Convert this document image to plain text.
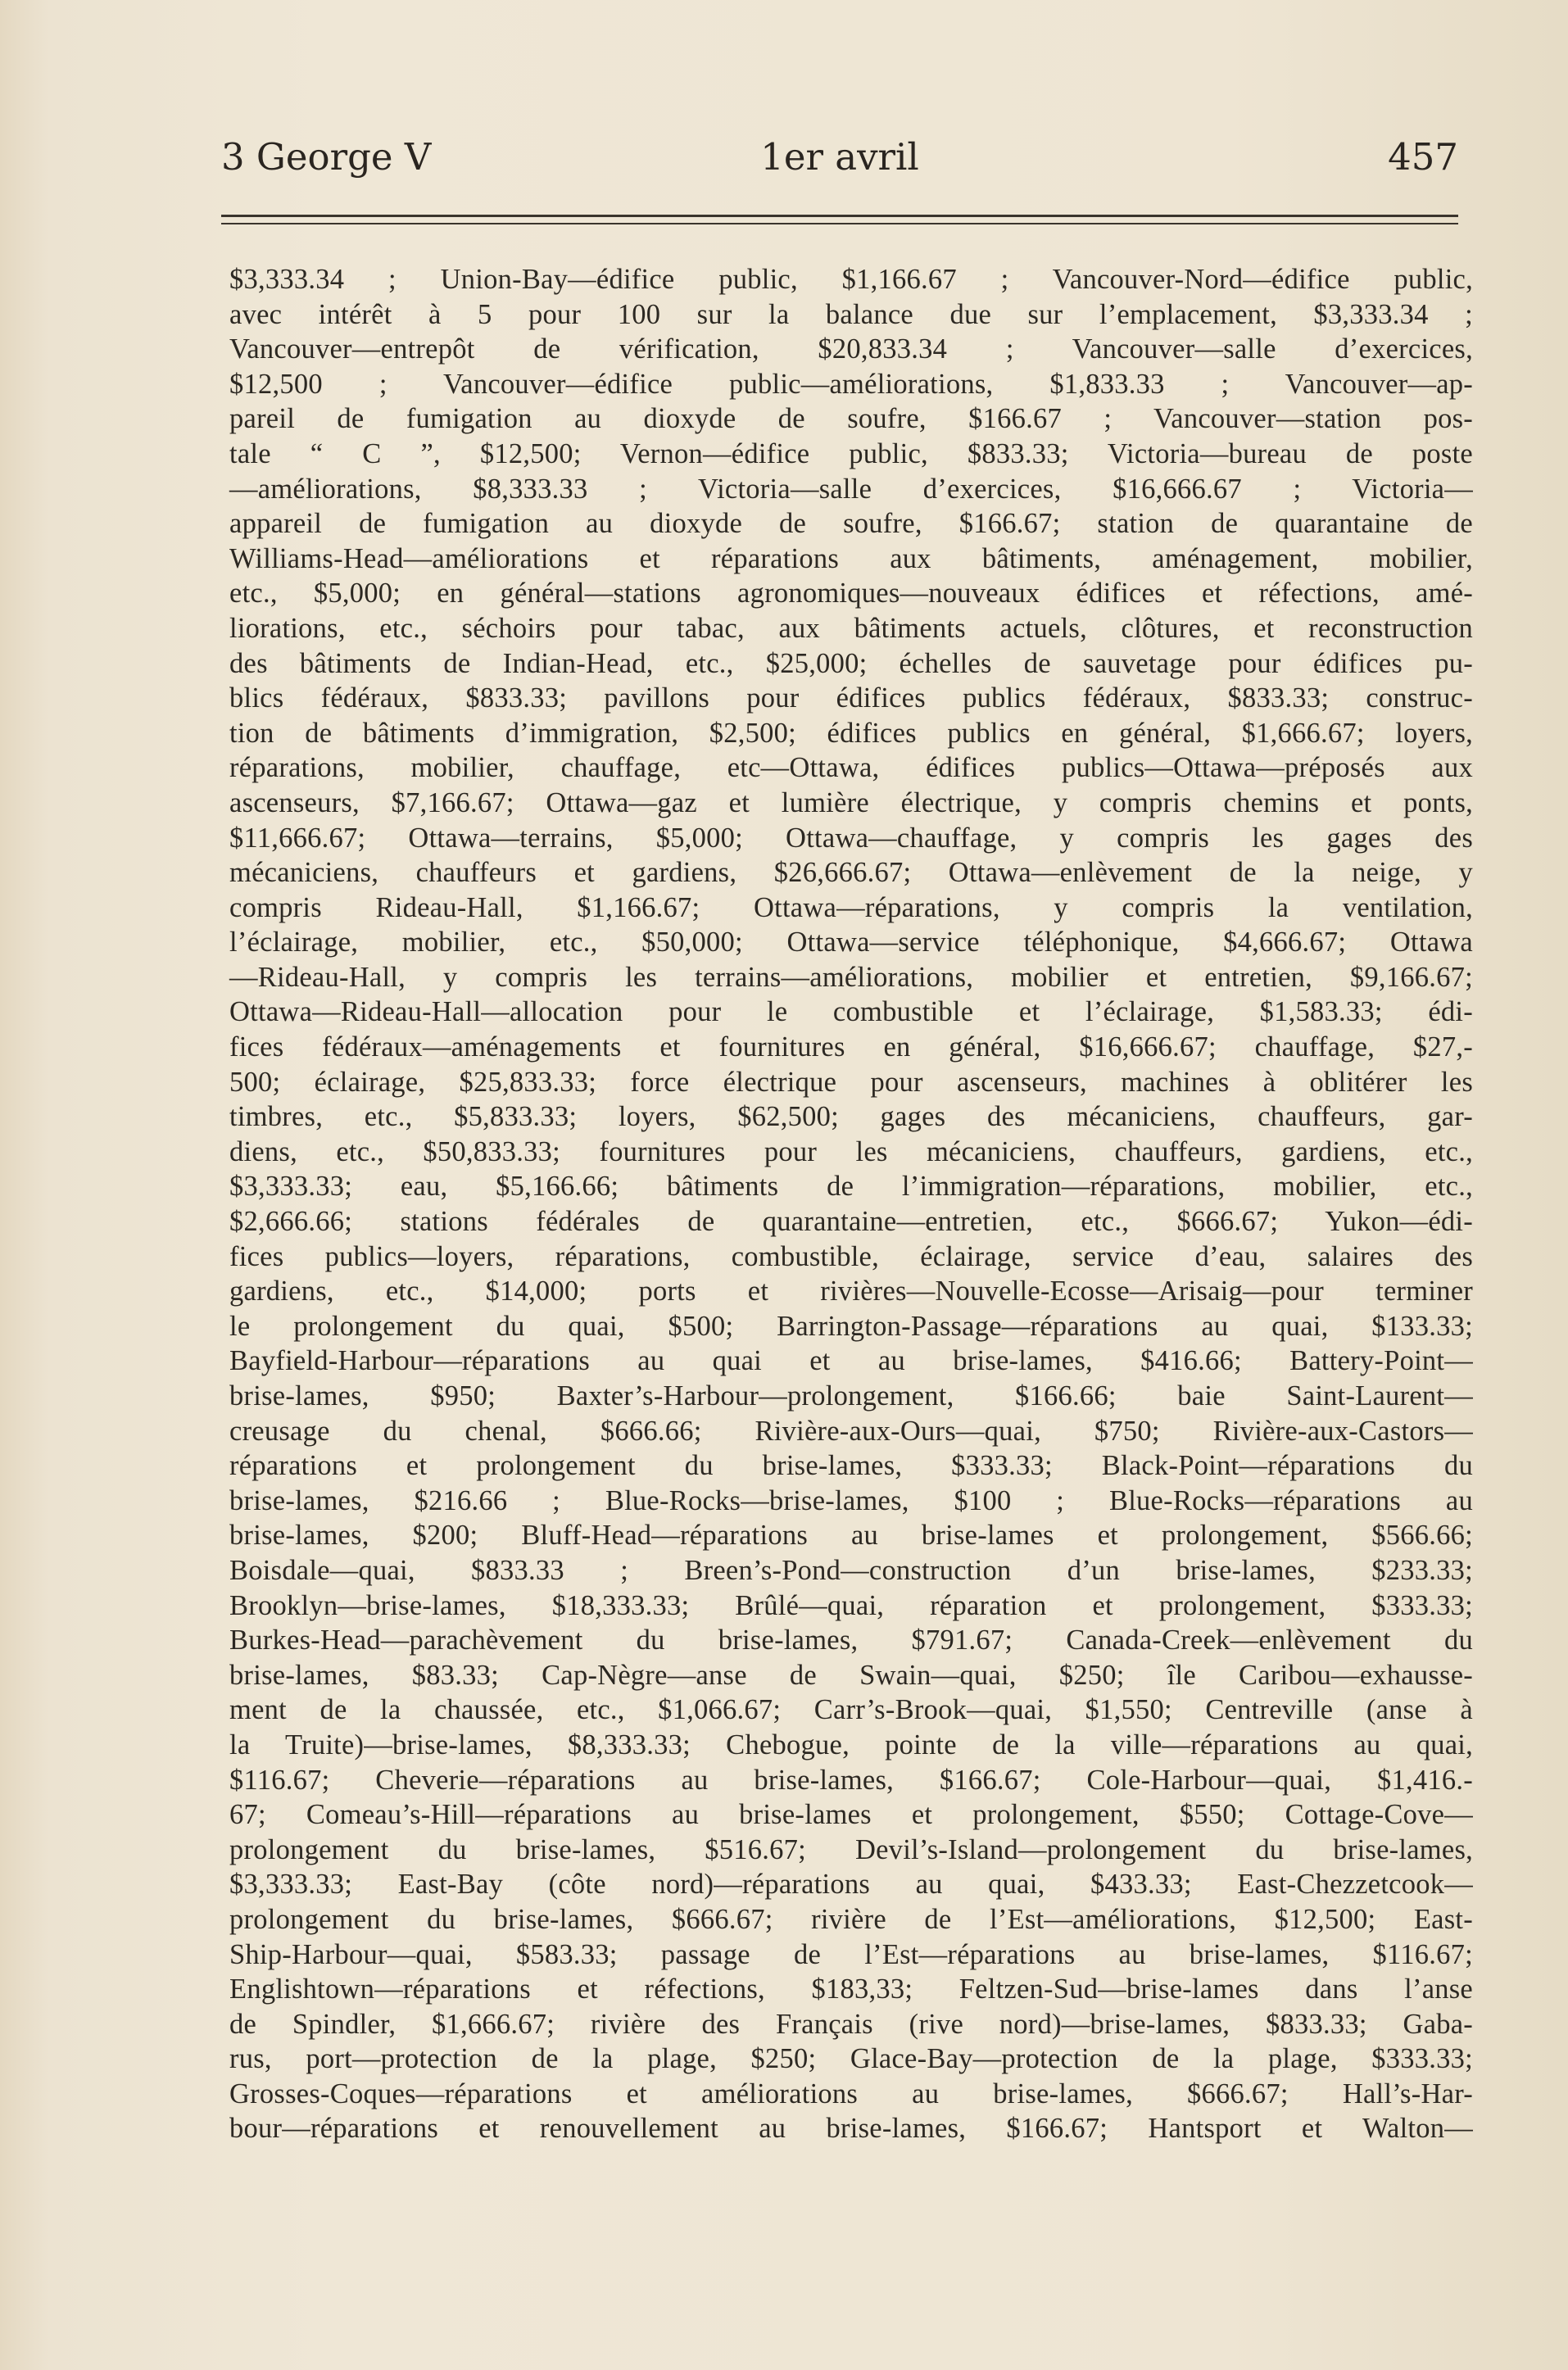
3 George V	1er avril	457
$3,333.34 ; Union-Bay—édifice public, $1,166.67 ; Vancouver-Nord—édifice public,
avec intérêt à 5 pour 100 sur la balance due sur l’emplacement, $3,333.34 ;
Vancouver—entrepôt de vérification, $20,833.34 ; Vancouver—salle d’exercices,
$12,500 ; Vancouver—édifice public—améliorations, $1,833.33 ; Vancouver—ap-
pareil de fumigation au dioxyde de soufre, $166.67 ; Vancouver—station pos-
tale “ C ”, $12,500; Vernon—édifice public, $833.33; Victoria—bureau de poste
—améliorations, $8,333.33 ; Victoria—salle d’exercices, $16,666.67 ; Victoria—
appareil de fumigation au dioxyde de soufre, $166.67; station de quarantaine de
Williams-Head—améliorations et réparations aux bâtiments, aménagement, mobilier,
etc., $5,000; en général—stations agronomiques—nouveaux édifices et réfections, amé-
liorations, etc., séchoirs pour tabac, aux bâtiments actuels, clôtures, et reconstruction
des bâtiments de Indian-Head, etc., $25,000; échelles de sauvetage pour édifices pu-
blics fédéraux, $833.33; pavillons pour édifices publics fédéraux, $833.33; construc-
tion de bâtiments d’immigration, $2,500; édifices publics en général, $1,666.67; loyers,
réparations, mobilier, chauffage, etc—Ottawa, édifices publics—Ottawa—préposés aux
ascenseurs, $7,166.67; Ottawa—gaz et lumière électrique, y compris chemins et ponts,
$11,666.67; Ottawa—terrains, $5,000; Ottawa—chauffage, y compris les gages des
mécaniciens, chauffeurs et gardiens, $26,666.67; Ottawa—enlèvement de la neige, y
compris Rideau-Hall, $1,166.67; Ottawa—réparations, y compris la ventilation,
l’éclairage, mobilier, etc., $50,000; Ottawa—service téléphonique, $4,666.67; Ottawa
—Rideau-Hall, y compris les terrains—améliorations, mobilier et entretien, $9,166.67;
Ottawa—Rideau-Hall—allocation pour le combustible et l’éclairage, $1,583.33; édi-
fices fédéraux—aménagements et fournitures en général, $16,666.67; chauffage, $27,-
500; éclairage, $25,833.33; force électrique pour ascenseurs, machines à oblitérer les
timbres, etc., $5,833.33; loyers, $62,500; gages des mécaniciens, chauffeurs, gar-
diens, etc., $50,833.33; fournitures pour les mécaniciens, chauffeurs, gardiens, etc.,
$3,333.33; eau, $5,166.66; bâtiments de l’immigration—réparations, mobilier, etc.,
$2,666.66; stations fédérales de quarantaine—entretien, etc., $666.67; Yukon—édi-
fices publics—loyers, réparations, combustible, éclairage, service d’eau, salaires des
gardiens, etc., $14,000; ports et rivières—Nouvelle-Ecosse—Arisaig—pour terminer
le prolongement du quai, $500; Barrington-Passage—réparations au quai, $133.33;
Bayfield-Harbour—réparations au quai et au brise-lames, $416.66; Battery-Point—
brise-lames, $950; Baxter’s-Harbour—prolongement, $166.66; baie Saint-Laurent—
creusage du chenal, $666.66; Rivière-aux-Ours—quai, $750; Rivière-aux-Castors—
réparations et prolongement du brise-lames, $333.33; Black-Point—réparations du
brise-lames, $216.66 ; Blue-Rocks—brise-lames, $100 ; Blue-Rocks—réparations au
brise-lames, $200; Bluff-Head—réparations au brise-lames et prolongement, $566.66;
Boisdale—quai, $833.33 ; Breen’s-Pond—construction d’un brise-lames, $233.33;
Brooklyn—brise-lames, $18,333.33; Brûlé—quai, réparation et prolongement, $333.33;
Burkes-Head—parachèvement du brise-lames, $791.67; Canada-Creek—enlèvement du
brise-lames, $83.33; Cap-Nègre—anse de Swain—quai, $250; île Caribou—exhausse-
ment de la chaussée, etc., $1,066.67; Carr’s-Brook—quai, $1,550; Centreville (anse à
la Truite)—brise-lames, $8,333.33; Chebogue, pointe de la ville—réparations au quai,
$116.67; Cheverie—réparations au brise-lames, $166.67; Cole-Harbour—quai, $1,416.-
67; Comeau’s-Hill—réparations au brise-lames et prolongement, $550; Cottage-Cove—
prolongement du brise-lames, $516.67; Devil’s-Island—prolongement du brise-lames,
$3,333.33; East-Bay (côte nord)—réparations au quai, $433.33; East-Chezzetcook—
prolongement du brise-lames, $666.67; rivière de l’Est—améliorations, $12,500; East-
Ship-Harbour—quai, $583.33; passage de l’Est—réparations au brise-lames, $116.67;
Englishtown—réparations et réfections, $183,33; Feltzen-Sud—brise-lames dans l’anse
de Spindler, $1,666.67; rivière des Français (rive nord)—brise-lames, $833.33; Gaba-
rus, port—protection de la plage, $250; Glace-Bay—protection de la plage, $333.33;
Grosses-Coques—réparations et améliorations au brise-lames, $666.67; Hall’s-Har-
bour—réparations et renouvellement au brise-lames, $166.67; Hantsport et Walton—
